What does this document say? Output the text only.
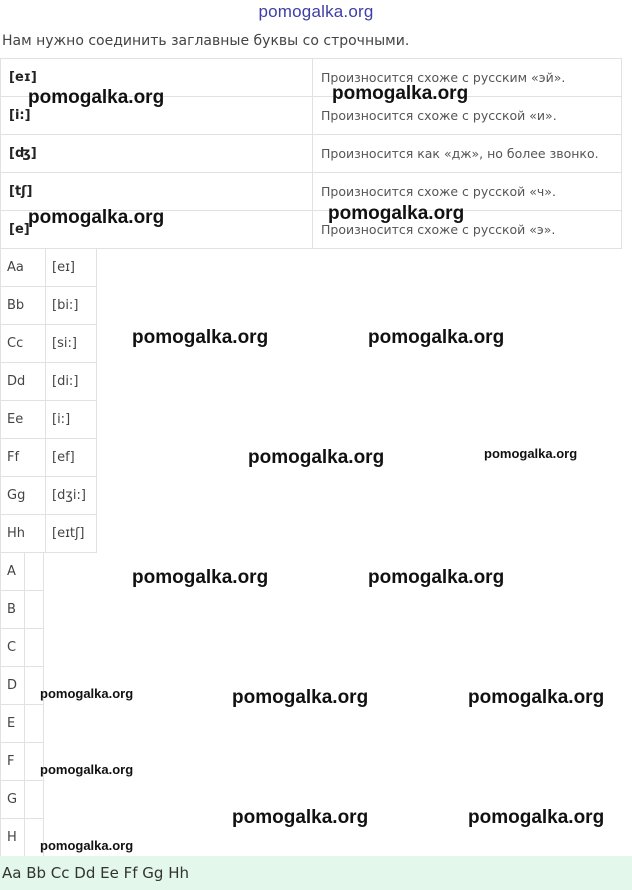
pomogalka.org
Нам нужно соединить заглавные буквы со строчными.
[eɪ]	Произносится схоже с русским «эй».
[i:]	Произносится схоже с русской «и».
[ʤ]	Произносится как «дж», но более звонко.
[tʃ]	Произносится схоже с русской «ч».
[e]	Произносится схоже с русской «э».
Aa	[eɪ]
Bb	[bi:]
Cc	[si:]
Dd	[di:]
Ee	[i:]
Ff	[ef]
Gg	[dʒi:]
Hh	[eɪtʃ]
A	
B	
C	
D	
E	
F	
G	
H	
Aa Bb Cc Dd Ee Ff Gg Hh
pomogalka.org	pomogalka.org
pomogalka.org	pomogalka.org
pomogalka.org	pomogalka.org
pomogalka.org	pomogalka.org
pomogalka.org	pomogalka.org
pomogalka.org	pomogalka.org	pomogalka.org
pomogalka.org
pomogalka.org	pomogalka.org
pomogalka.org
